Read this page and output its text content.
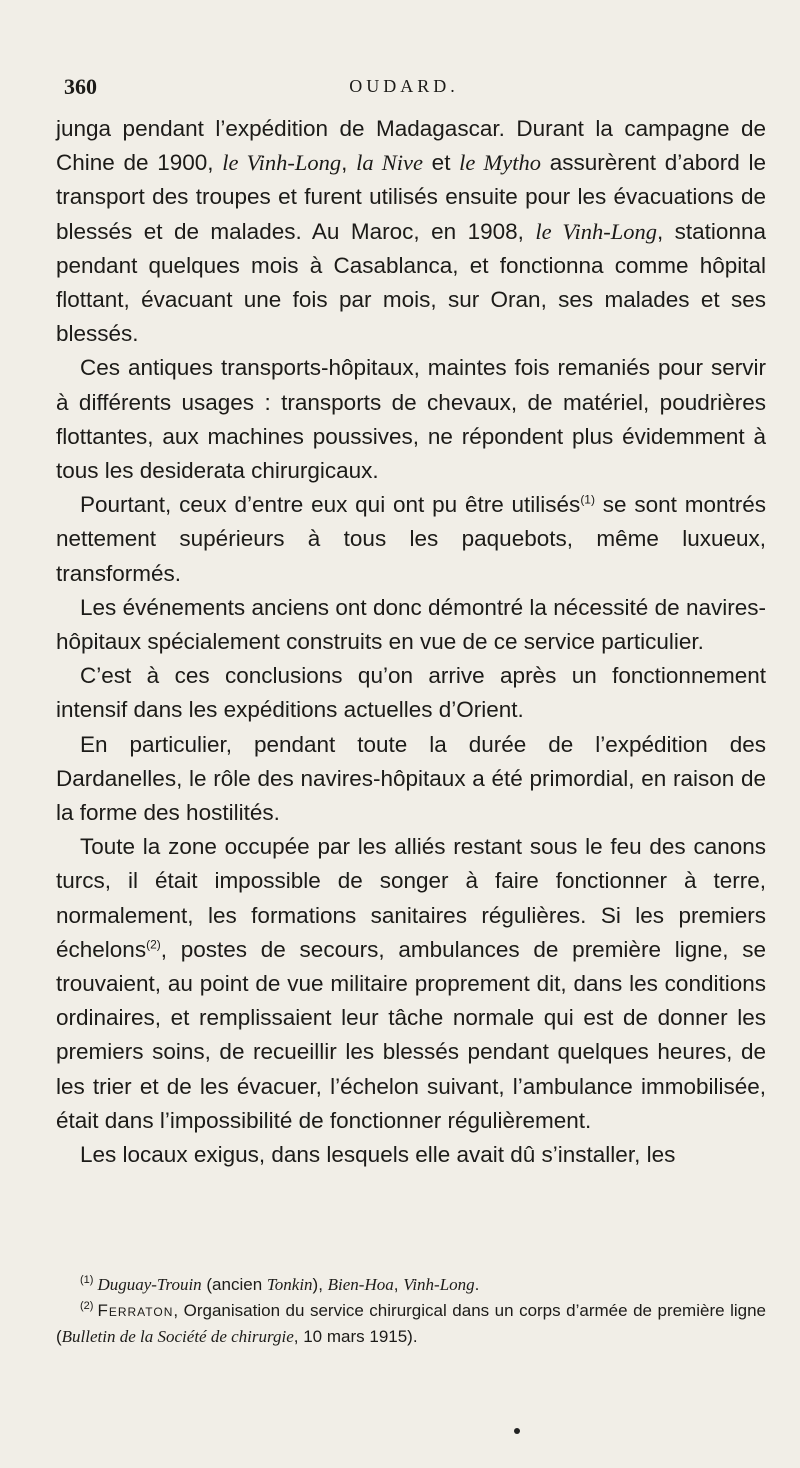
360	OUDARD.

junga pendant l’expédition de Madagascar. Durant la campagne de Chine de 1900, le Vinh-Long, la Nive et le Mytho assurèrent d’abord le transport des troupes et furent utilisés ensuite pour les évacuations de blessés et de malades. Au Maroc, en 1908, le Vinh-Long, stationna pendant quelques mois à Casablanca, et fonctionna comme hôpital flottant, évacuant une fois par mois, sur Oran, ses malades et ses blessés.

Ces antiques transports-hôpitaux, maintes fois remaniés pour servir à différents usages : transports de chevaux, de matériel, poudrières flottantes, aux machines poussives, ne répondent plus évidemment à tous les desiderata chirurgicaux.

Pourtant, ceux d’entre eux qui ont pu être utilisés$^{(1)}$ se sont montrés nettement supérieurs à tous les paquebots, même luxueux, transformés.

Les événements anciens ont donc démontré la nécessité de navires-hôpitaux spécialement construits en vue de ce service particulier.

C’est à ces conclusions qu’on arrive après un fonctionnement intensif dans les expéditions actuelles d’Orient.

En particulier, pendant toute la durée de l’expédition des Dardanelles, le rôle des navires-hôpitaux a été primordial, en raison de la forme des hostilités.

Toute la zone occupée par les alliés restant sous le feu des canons turcs, il était impossible de songer à faire fonctionner à terre, normalement, les formations sanitaires régulières. Si les premiers échelons$^{(2)}$, postes de secours, ambulances de première ligne, se trouvaient, au point de vue militaire proprement dit, dans les conditions ordinaires, et remplissaient leur tâche normale qui est de donner les premiers soins, de recueillir les blessés pendant quelques heures, de les trier et de les évacuer, l’échelon suivant, l’ambulance immobilisée, était dans l’impossibilité de fonctionner régulièrement.

Les locaux exigus, dans lesquels elle avait dû s’installer, les

$^{(1)}$ Duguay-Trouin (ancien Tonkin), Bien-Hoa, Vinh-Long.

$^{(2)}$ Ferraton, Organisation du service chirurgical dans un corps d’armée de première ligne (Bulletin de la Société de chirurgie, 10 mars 1915).
